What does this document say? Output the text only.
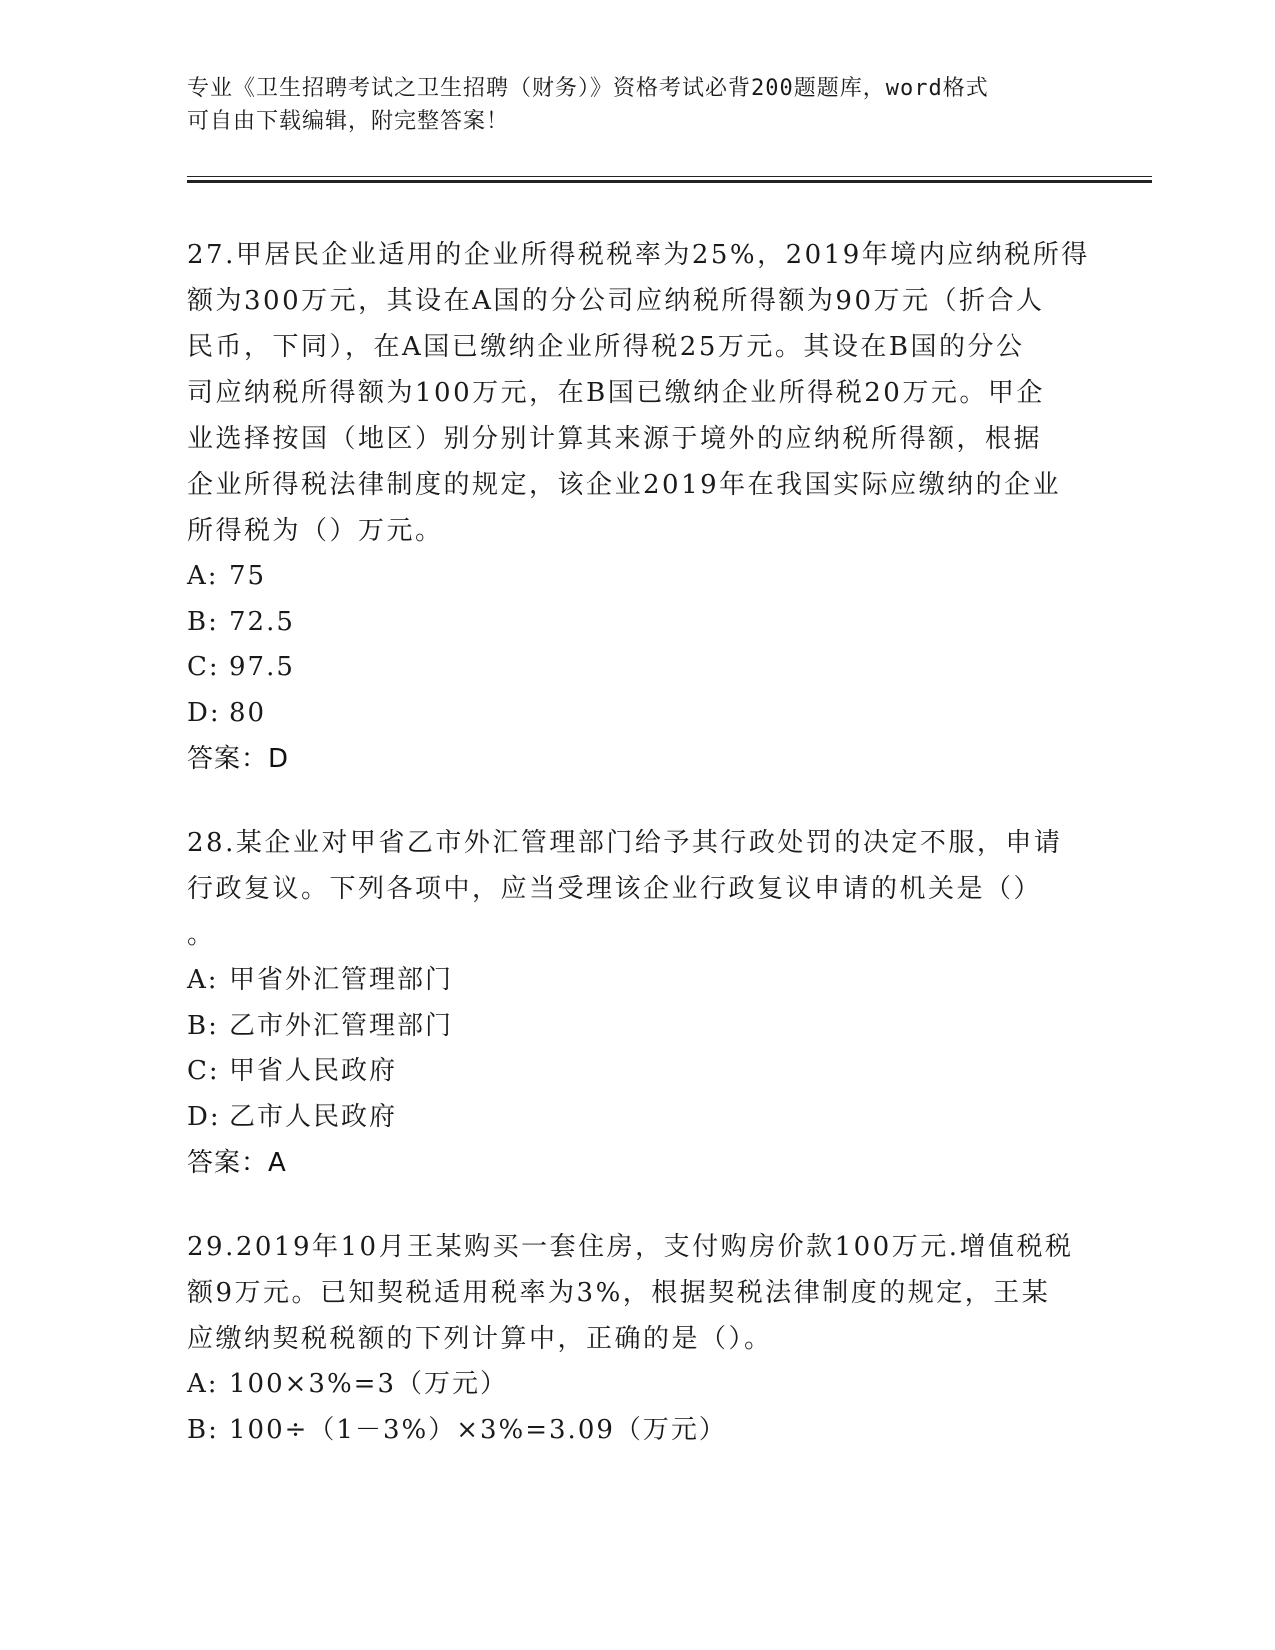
专业《卫生招聘考试之卫生招聘（财务）》资格考试必背200题题库，word格式
可自由下载编辑，附完整答案！
27.甲居民企业适用的企业所得税税率为25%，2019年境内应纳税所得
额为300万元，其设在A国的分公司应纳税所得额为90万元（折合人
民币，下同），在A国已缴纳企业所得税25万元。其设在B国的分公
司应纳税所得额为100万元，在B国已缴纳企业所得税20万元。甲企
业选择按国（地区）别分别计算其来源于境外的应纳税所得额，根据
企业所得税法律制度的规定，该企业2019年在我国实际应缴纳的企业
所得税为（）万元。
A: 75
B: 72.5
C: 97.5
D: 80
答案：D
28.某企业对甲省乙市外汇管理部门给予其行政处罚的决定不服，申请
行政复议。下列各项中，应当受理该企业行政复议申请的机关是（）
。
A: 甲省外汇管理部门
B: 乙市外汇管理部门
C: 甲省人民政府
D: 乙市人民政府
答案：A
29.2019年10月王某购买一套住房，支付购房价款100万元.增值税税
额9万元。已知契税适用税率为3%，根据契税法律制度的规定，王某
应缴纳契税税额的下列计算中，正确的是（）。
A: 100×3%=3（万元）
B: 100÷（1－3%）×3%=3.09（万元）
